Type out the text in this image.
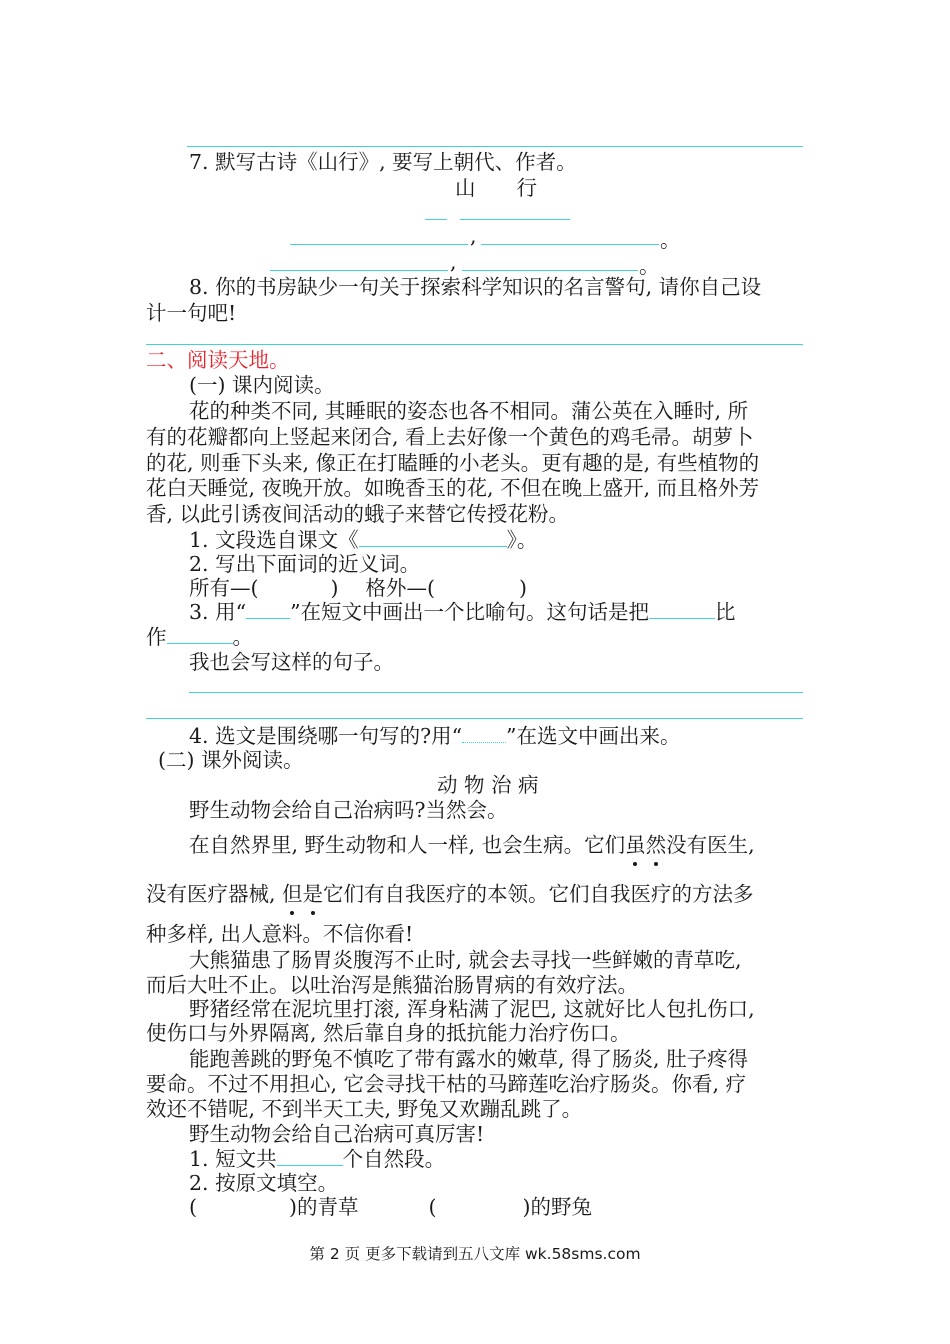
7. 默写古诗《山行》, 要写上朝代、作者。
山　　行
,	。
,	。
8. 你的书房缺少一句关于探索科学知识的名言警句, 请你自己设
计一句吧!
二、阅读天地。
(一) 课内阅读。
花的种类不同, 其睡眠的姿态也各不相同。蒲公英在入睡时, 所
有的花瓣都向上竖起来闭合, 看上去好像一个黄色的鸡毛帚。胡萝卜
的花, 则垂下头来, 像正在打瞌睡的小老头。更有趣的是, 有些植物的
花白天睡觉, 夜晚开放。如晚香玉的花, 不但在晚上盛开, 而且格外芳
香, 以此引诱夜间活动的蛾子来替它传授花粉。
1. 文段选自课文《	》。
2. 写出下面词的近义词。
所有—(	)　 格外—(	)
3. 用“ ”在短文中画出一个比喻句。这句话是把	比
作	。
我也会写这样的句子。
4. 选文是围绕哪一句写的?用“ ”在选文中画出来。
(二) 课外阅读。
动 物 治 病
野生动物会给自己治病吗?当然会。
在自然界里, 野生动物和人一样, 也会生病。它们虽然没有医生,
没有医疗器械, 但是它们有自我医疗的本领。它们自我医疗的方法多
种多样, 出人意料。不信你看!
大熊猫患了肠胃炎腹泻不止时, 就会去寻找一些鲜嫩的青草吃,
而后大吐不止。以吐治泻是熊猫治肠胃病的有效疗法。
野猪经常在泥坑里打滚, 浑身粘满了泥巴, 这就好比人包扎伤口,
使伤口与外界隔离, 然后靠自身的抵抗能力治疗伤口。
能跑善跳的野兔不慎吃了带有露水的嫩草, 得了肠炎, 肚子疼得
要命。不过不用担心, 它会寻找干枯的马蹄莲吃治疗肠炎。你看, 疗
效还不错呢, 不到半天工夫, 野兔又欢蹦乱跳了。
野生动物会给自己治病可真厉害!
1. 短文共	个自然段。
2. 按原文填空。
(	)的青草	(	)的野兔
第 2 页 更多下载请到五八文库 wk.58sms.com
